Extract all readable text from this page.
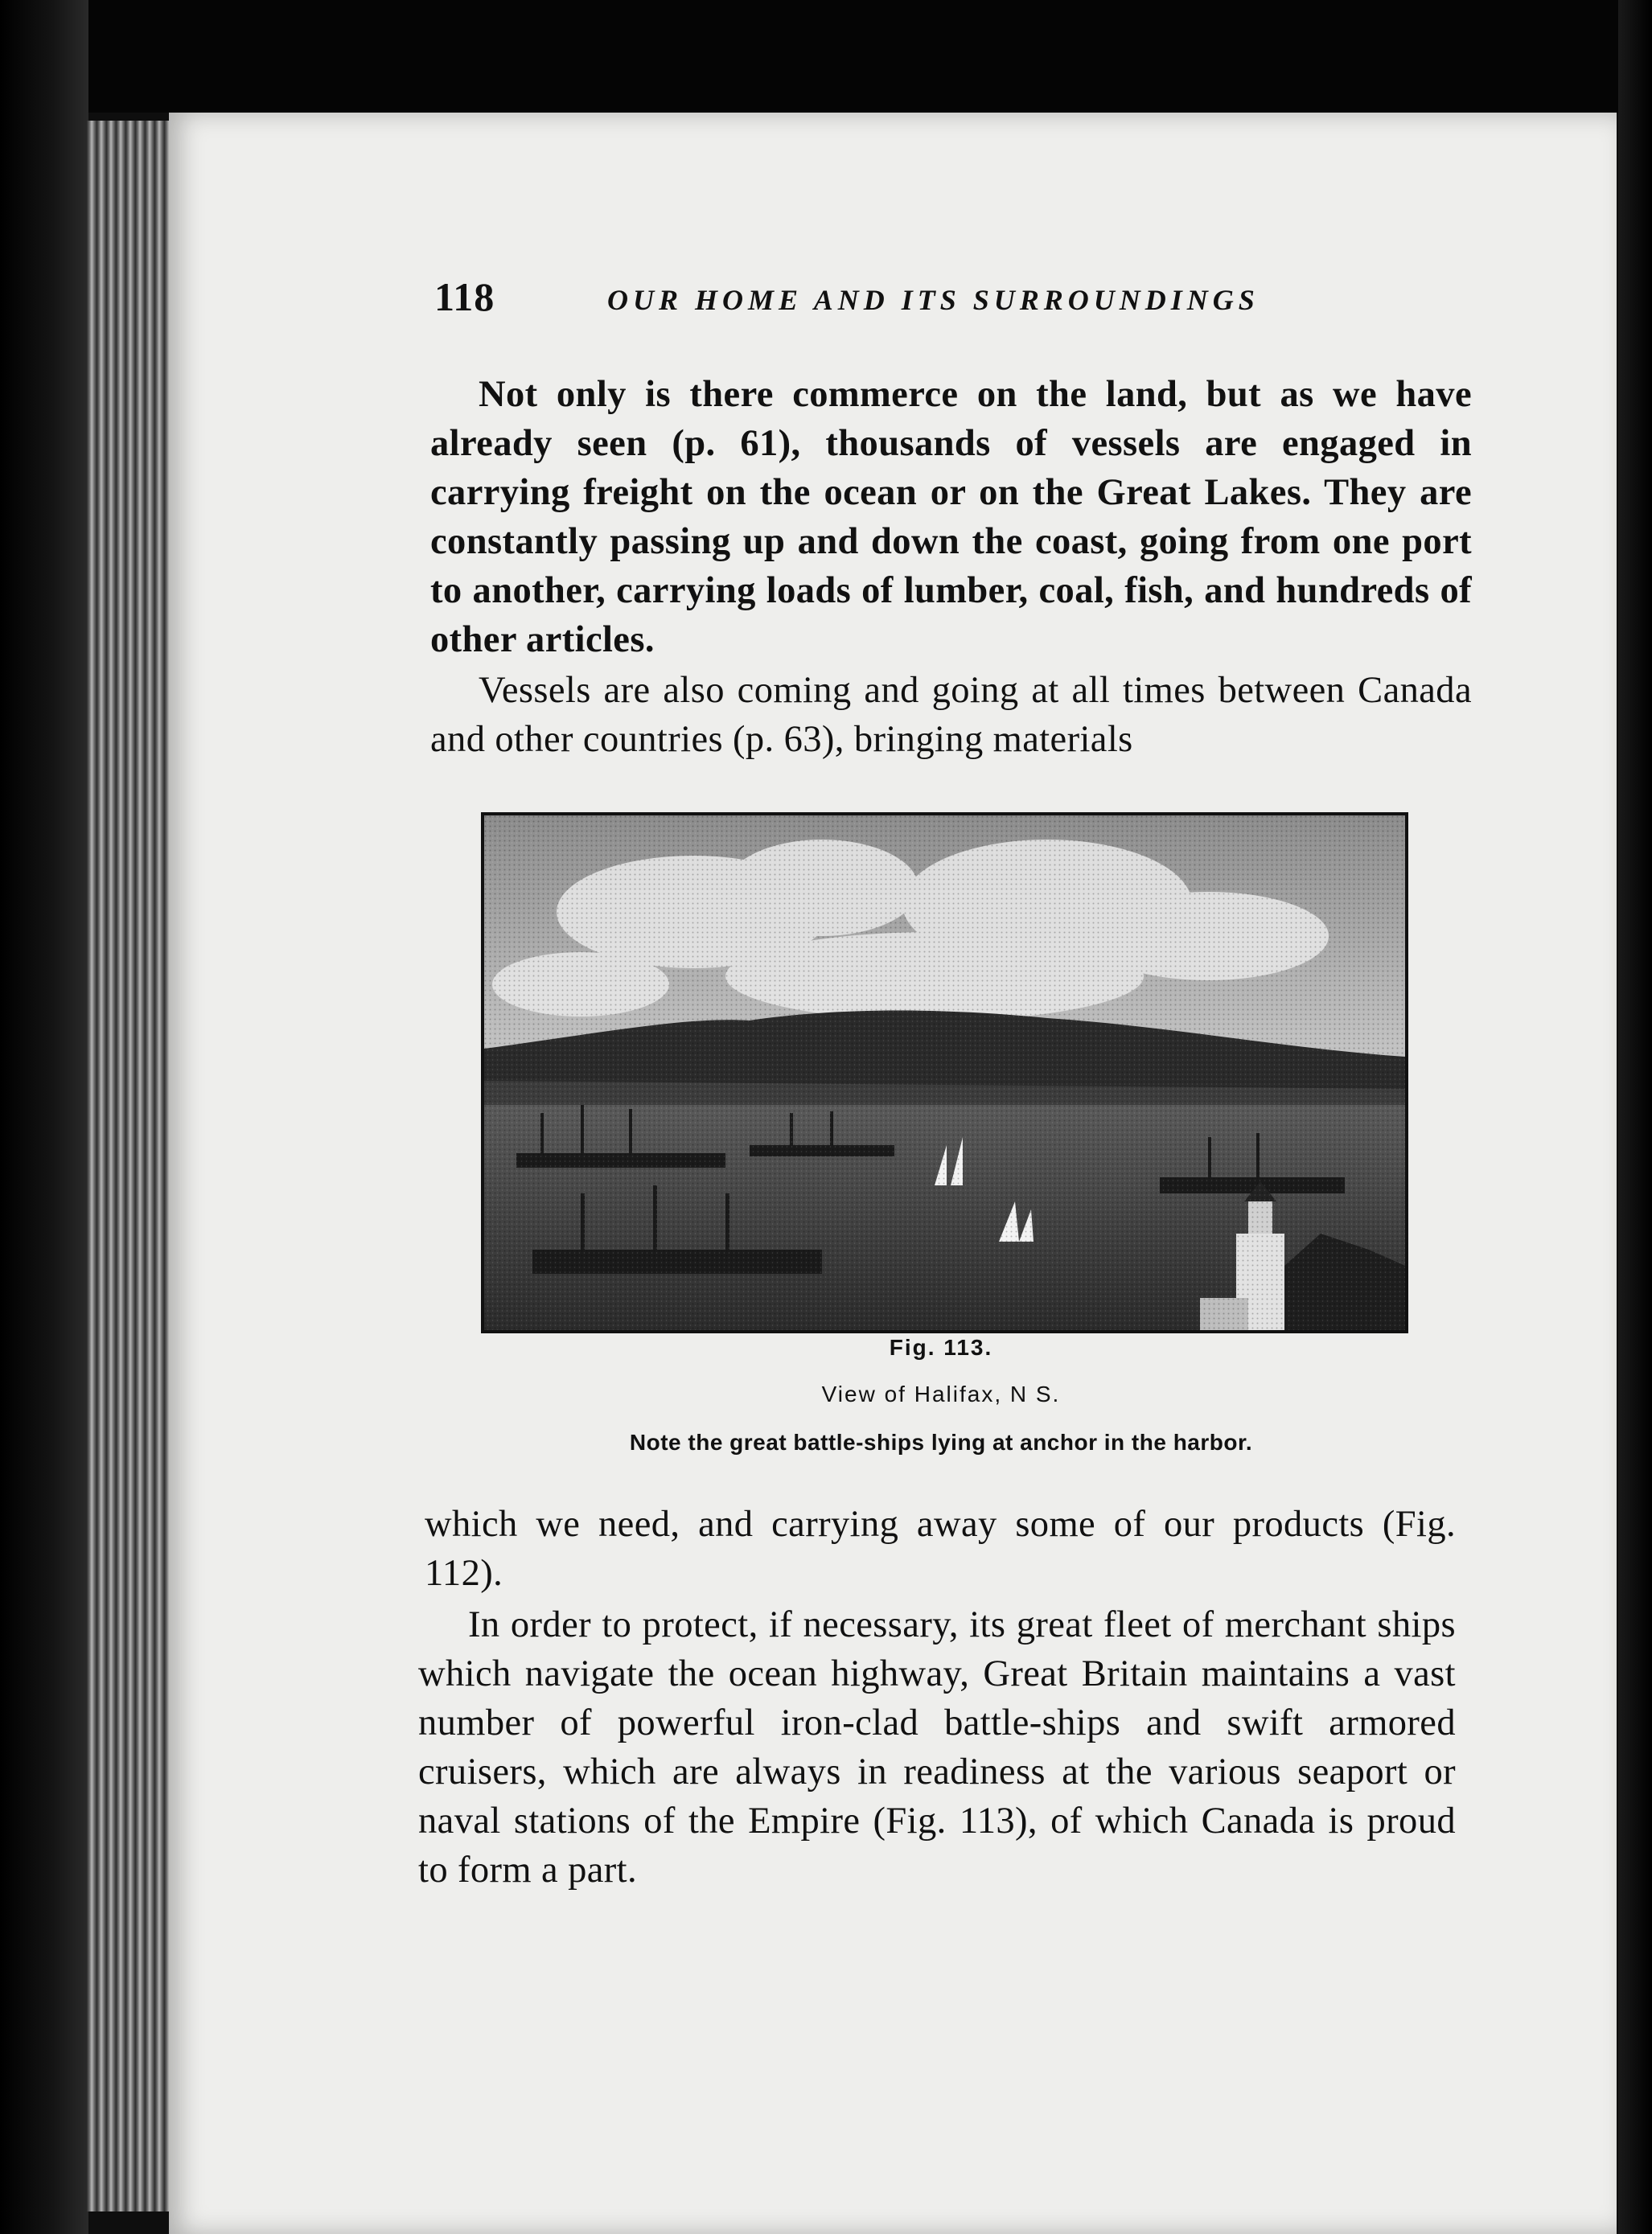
118	OUR HOME AND ITS SURROUNDINGS

Not only is there commerce on the land, but as we have already seen (p. 61), thousands of vessels are engaged in carrying freight on the ocean or on the Great Lakes. They are constantly passing up and down the coast, going from one port to another, carrying loads of lumber, coal, fish, and hundreds of other articles.

Vessels are also coming and going at all times between Canada and other countries (p. 63), bringing materials

Fig. 113.

View of Halifax, N S.

Note the great battle-ships lying at anchor in the harbor.

which we need, and carrying away some of our products (Fig. 112).

In order to protect, if necessary, its great fleet of merchant ships which navigate the ocean highway, Great Britain maintains a vast number of powerful iron-clad battle-ships and swift armored cruisers, which are always in readiness at the various seaport or naval stations of the Empire (Fig. 113), of which Canada is proud to form a part.
